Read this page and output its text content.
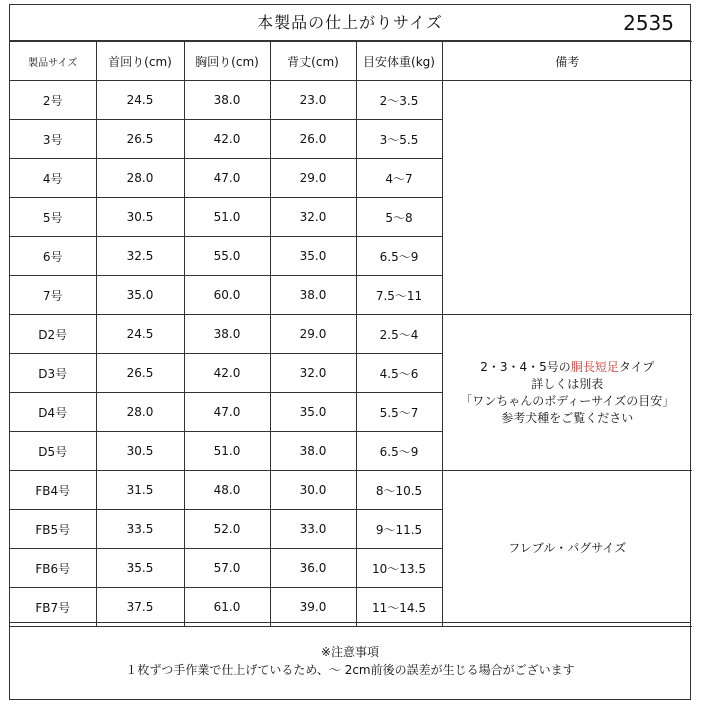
本製品の仕上がりサイズ	2535
製品サイズ	首回り(cm)	胸回り(cm)	背丈(cm)	目安体重(kg)	備考
2号	24.5	38.0	23.0	2～3.5	
3号	26.5	42.0	26.0	3～5.5	
4号	28.0	47.0	29.0	4～7	
5号	30.5	51.0	32.0	5～8	
6号	32.5	55.0	35.0	6.5～9	
7号	35.0	60.0	38.0	7.5～11	
D2号	24.5	38.0	29.0	2.5～4	2・3・4・5号の胴長短足タイプ
詳しくは別表
「ワンちゃんのボディーサイズの目安」
参考犬種をご覧ください

D3号	26.5	42.0	32.0	4.5～6	
D4号	28.0	47.0	35.0	5.5～7	
D5号	30.5	51.0	38.0	6.5～9	
FB4号	31.5	48.0	30.0	8～10.5	フレブル・パグサイズ
FB5号	33.5	52.0	33.0	9～11.5	
FB6号	35.5	57.0	36.0	10～13.5	
FB7号	37.5	61.0	39.0	11～14.5	
※注意事項
１枚ずつ手作業で仕上げているため、～ 2cm前後の誤差が生じる場合がございます
